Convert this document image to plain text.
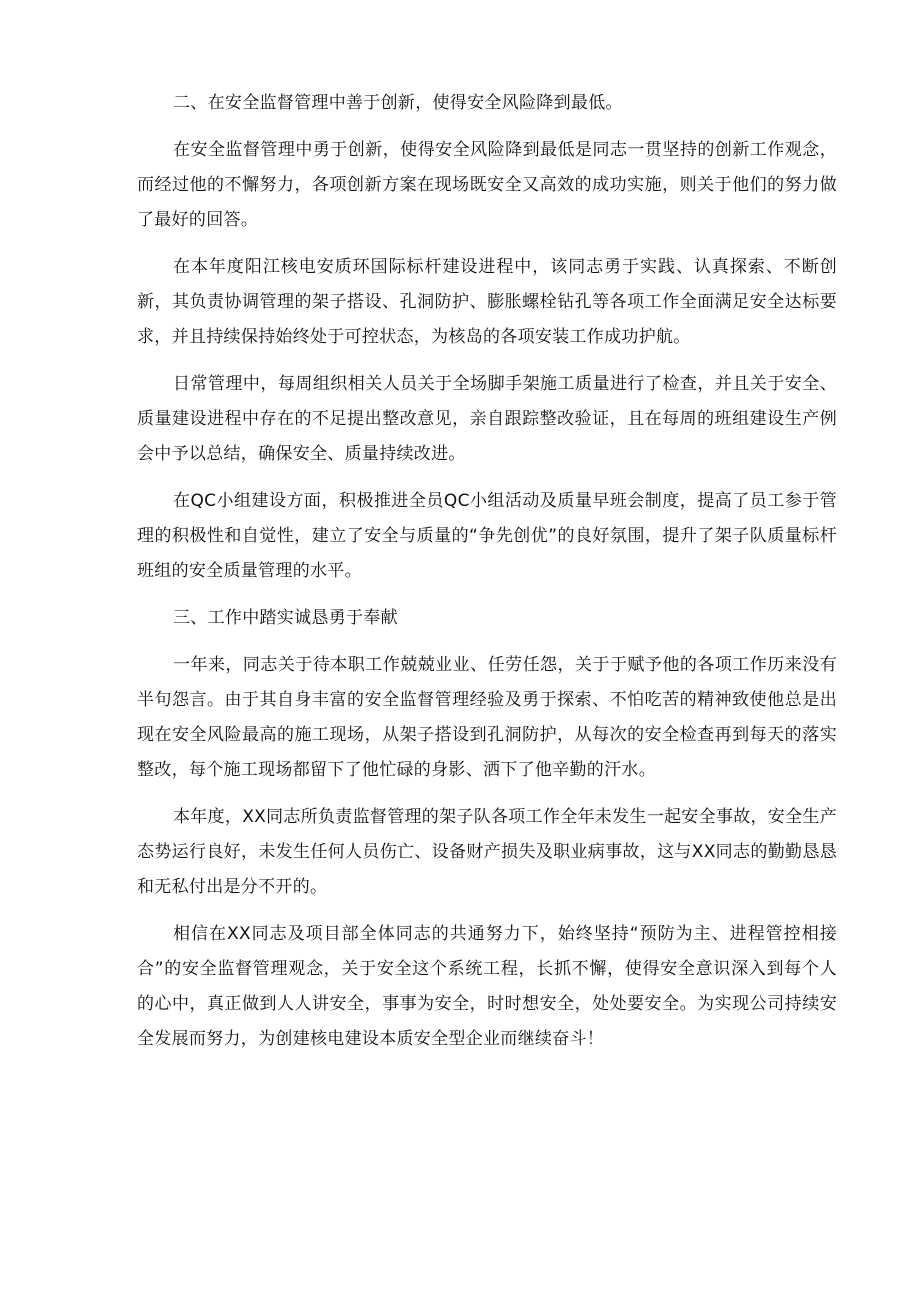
二、在安全监督管理中善于创新，使得安全风险降到最低。

在安全监督管理中勇于创新，使得安全风险降到最低是同志一贯坚持的创新工作观念，而经过他的不懈努力，各项创新方案在现场既安全又高效的成功实施，则关于他们的努力做了最好的回答。

在本年度阳江核电安质环国际标杆建设进程中，该同志勇于实践、认真探索、不断创新，其负责协调管理的架子搭设、孔洞防护、膨胀螺栓钻孔等各项工作全面满足安全达标要求，并且持续保持始终处于可控状态，为核岛的各项安装工作成功护航。

日常管理中，每周组织相关人员关于全场脚手架施工质量进行了检查，并且关于安全、质量建设进程中存在的不足提出整改意见，亲自跟踪整改验证，且在每周的班组建设生产例会中予以总结，确保安全、质量持续改进。

在QC小组建设方面，积极推进全员QC小组活动及质量早班会制度，提高了员工参于管理的积极性和自觉性，建立了安全与质量的“争先创优”的良好氛围，提升了架子队质量标杆班组的安全质量管理的水平。

三、工作中踏实诚恳勇于奉献

一年来，同志关于待本职工作兢兢业业、任劳任怨，关于于赋予他的各项工作历来没有半句怨言。由于其自身丰富的安全监督管理经验及勇于探索、不怕吃苦的精神致使他总是出现在安全风险最高的施工现场，从架子搭设到孔洞防护，从每次的安全检查再到每天的落实整改，每个施工现场都留下了他忙碌的身影、洒下了他辛勤的汗水。

本年度，XX同志所负责监督管理的架子队各项工作全年未发生一起安全事故，安全生产态势运行良好，未发生任何人员伤亡、设备财产损失及职业病事故，这与XX同志的勤勤恳恳和无私付出是分不开的。

相信在XX同志及项目部全体同志的共通努力下，始终坚持“预防为主、进程管控相接合”的安全监督管理观念，关于安全这个系统工程，长抓不懈，使得安全意识深入到每个人的心中，真正做到人人讲安全，事事为安全，时时想安全，处处要安全。为实现公司持续安全发展而努力，为创建核电建设本质安全型企业而继续奋斗！
